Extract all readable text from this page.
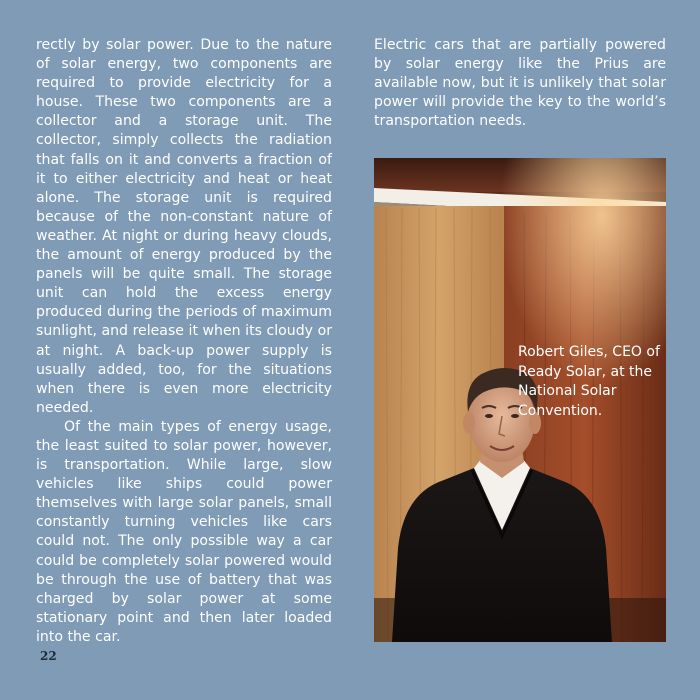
rectly by solar power. Due to the nature of solar energy, two components are required to provide electricity for a house. These two components are a collector and a storage unit. The collector, simply collects the radiation that falls on it and converts a fraction of it to either electricity and heat or heat alone. The storage unit is required because of the non-constant nature of weather. At night or during heavy clouds, the amount of energy produced by the panels will be quite small. The storage unit can hold the excess energy produced during the periods of maximum sunlight, and release it when its cloudy or at night. A back-up power supply is usually added, too, for the situations when there is even more electricity needed.

Of the main types of energy usage, the least suited to solar power, however, is transportation. While large, slow vehicles like ships could power themselves with large solar panels, small constantly turning vehicles like cars could not. The only possible way a car could be completely solar powered would be through the use of battery that was charged by solar power at some stationary point and then later loaded into the car.

Electric cars that are partially powered by solar energy like the Prius are available now, but it is unlikely that solar power will provide the key to the world’s transportation needs.

Robert Giles, CEO of Ready Solar, at the National Solar Convention.
22
